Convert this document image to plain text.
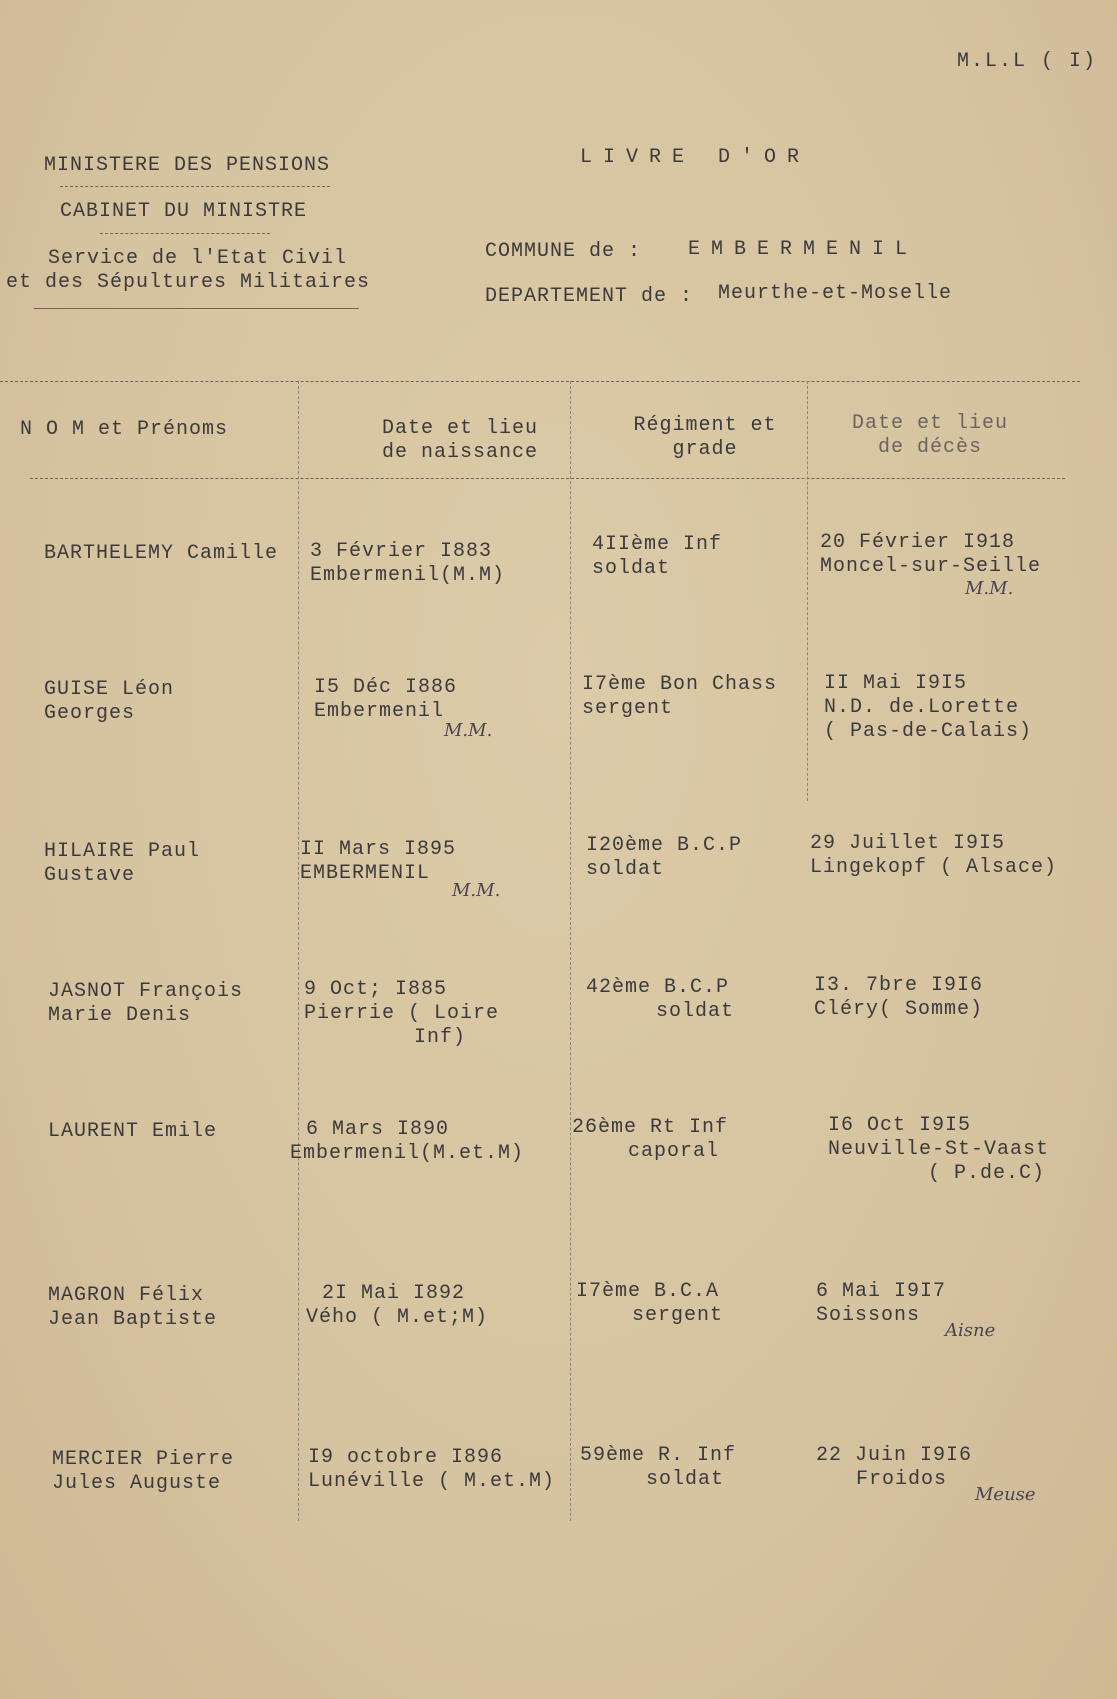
M.L.L ( I)
MINISTERE DES PENSIONS
CABINET DU MINISTRE
Service de l'Etat Civil
et des Sépultures Militaires
LIVRE D'OR
COMMUNE de : EMBERMENIL
DEPARTEMENT de : Meurthe-et-Moselle
N O M et Prénoms	Date et lieu
de naissance
Régiment et
grade
Date et lieu
de décès
BARTHELEMY Camille 3 Février I883
Embermenil(M.M)
4IIème Inf
soldat
20 Février I918
Moncel-sur-Seille
M.M.
GUISE Léon
Georges
I5 Déc I886
Embermenil
M.M.
I7ème Bon Chass
sergent
II Mai I9I5
N.D. de.Lorette
( Pas-de-Calais)
HILAIRE Paul
Gustave
II Mars I895
EMBERMENIL
M.M.
I20ème B.C.P
soldat
29 Juillet I9I5
Lingekopf ( Alsace)
JASNOT François
Marie Denis
9 Oct; I885
Pierrie ( Loire
Inf)
42ème B.C.P
soldat
I3. 7bre I9I6
Cléry( Somme)
LAURENT Emile	6 Mars I890
Embermenil(M.et.M)
26ème Rt Inf
caporal
I6 Oct I9I5
Neuville-St-Vaast
( P.de.C)
MAGRON Félix
Jean Baptiste
2I Mai I892
Vého ( M.et;M)
I7ème B.C.A
sergent
6 Mai I9I7
Soissons
Aisne
MERCIER Pierre
Jules Auguste
I9 octobre I896
Lunéville ( M.et.M)
59ème R. Inf
soldat
22 Juin I9I6
Froidos
Meuse
